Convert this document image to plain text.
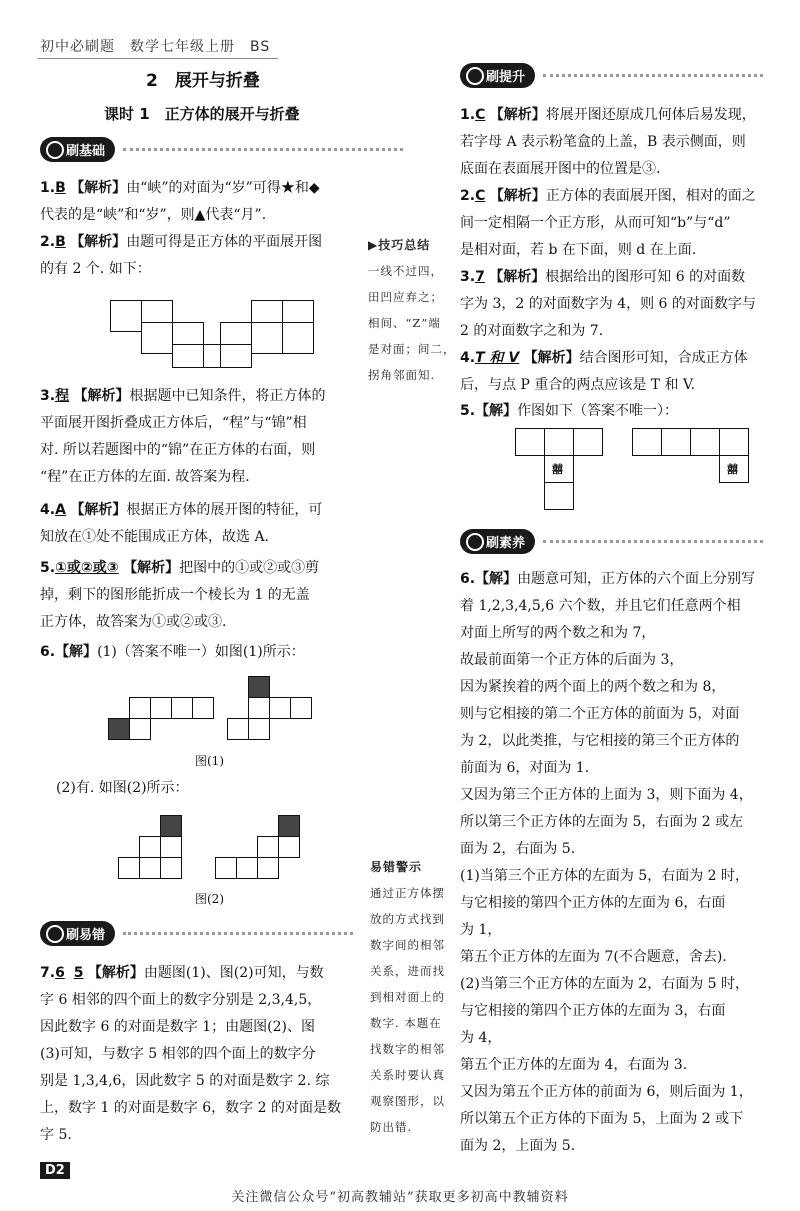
初中必刷题　数学七年级上册　BS
2　展开与折叠
课时 1　正方体的展开与折叠
刷基础

1.B 【解析】由“峡”的对面为“岁”可得★和◆

代表的是“峡”和“岁”，则▲代表“月”.

2.B 【解析】由题可得是正方体的平面展开图

的有 2 个. 如下：

3.程 【解析】根据题中已知条件，将正方体的

平面展开图折叠成正方体后，“程”与“锦”相

对. 所以若题图中的“锦”在正方体的右面，则

“程”在正方体的左面. 故答案为程.

4.A 【解析】根据正方体的展开图的特征，可

知放在①处不能围成正方体，故选 A.

5.①或②或③ 【解析】把图中的①或②或③剪

掉，剩下的图形能折成一个棱长为 1 的无盖

正方体，故答案为①或②或③.

6.【解】(1)（答案不唯一）如图(1)所示：

图(1)

(2)有. 如图(2)所示：

图(2)
刷易错

7.6 5 【解析】由题图(1)、图(2)可知，与数

字 6 相邻的四个面上的数字分别是 2,3,4,5，

因此数字 6 的对面是数字 1；由题图(2)、图

(3)可知，与数字 5 相邻的四个面上的数字分

别是 1,3,4,6，因此数字 5 的对面是数字 2. 综

上，数字 1 的对面是数字 6，数字 2 的对面是数

字 5.

▶技巧总结
一线不过四，
田凹应弃之；
相间、“Z”端
是对面；间二，
拐角邻面知.
易错警示
通过正方体摆
放的方式找到
数字间的相邻
关系，进而找
到相对面上的
数字. 本题在
找数字的相邻
关系时要认真
观察图形，以
防出错.
刷提升

1.C 【解析】将展开图还原成几何体后易发现，

若字母 A 表示粉笔盒的上盖，B 表示侧面，则

底面在表面展开图中的位置是③.

2.C 【解析】正方体的表面展开图，相对的面之

间一定相隔一个正方形，从而可知“b”与“d”

是相对面，若 b 在下面，则 d 在上面.

3.7 【解析】根据给出的图形可知 6 的对面数

字为 3，2 的对面数字为 4，则 6 的对面数字与

2 的对面数字之和为 7.

4.T 和 V 【解析】结合图形可知，合成正方体

后，与点 P 重合的两点应该是 T 和 V.

5.【解】作图如下（答案不唯一）：

囍	囍
刷素养

6.【解】由题意可知，正方体的六个面上分别写

着 1,2,3,4,5,6 六个数，并且它们任意两个相

对面上所写的两个数之和为 7，

故最前面第一个正方体的后面为 3，

因为紧挨着的两个面上的两个数之和为 8，

则与它相接的第二个正方体的前面为 5，对面

为 2，以此类推，与它相接的第三个正方体的

前面为 6，对面为 1.

又因为第三个正方体的上面为 3，则下面为 4，

所以第三个正方体的左面为 5，右面为 2 或左

面为 2，右面为 5.

(1)当第三个正方体的左面为 5，右面为 2 时，

与它相接的第四个正方体的左面为 6，右面

为 1，

第五个正方体的左面为 7(不合题意，舍去).

(2)当第三个正方体的左面为 2，右面为 5 时，

与它相接的第四个正方体的左面为 3，右面

为 4，

第五个正方体的左面为 4，右面为 3.

又因为第五个正方体的前面为 6，则后面为 1，

所以第五个正方体的下面为 5，上面为 2 或下

面为 2，上面为 5.

D2
关注微信公众号“初高教辅站”获取更多初高中教辅资料
